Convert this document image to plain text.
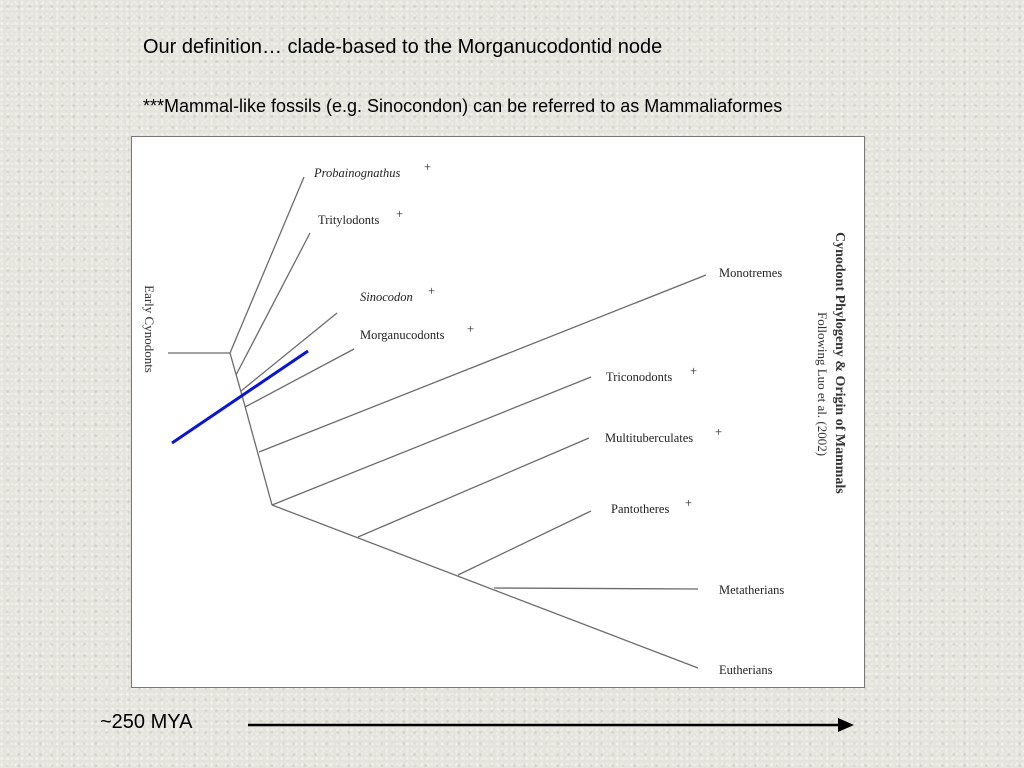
Our definition… clade-based to the Morganucodontid node
***Mammal-like fossils (e.g. Sinocondon) can be referred to as Mammaliaformes
Probainognathus +
Tritylodonts +
Sinocodon +
Morganucodonts +
Monotremes
Triconodonts +
Multituberculates +
Pantotheres +
Metatherians
Eutherians
Early Cynodonts	Cynodont Phylogeny & Origin of Mammals
Following Luo et al. (2002)
~250 MYA
